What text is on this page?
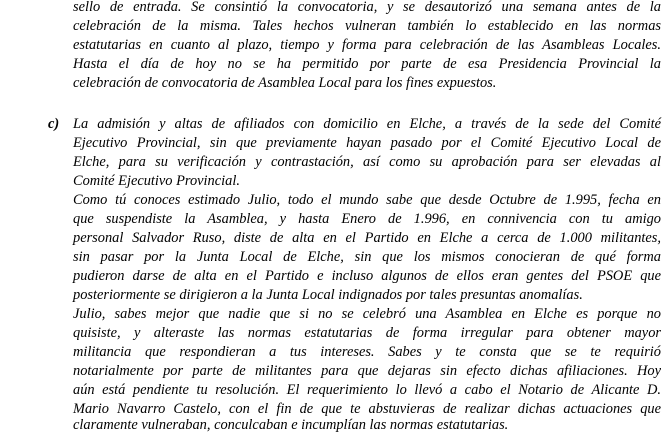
sello de entrada. Se consintió la convocatoria, y se desautorizó una semana antes de la
celebración de la misma. Tales hechos vulneran también lo establecido en las normas
estatutarias en cuanto al plazo, tiempo y forma para celebración de las Asambleas Locales.
Hasta el día de hoy no se ha permitido por parte de esa Presidencia Provincial la
celebración de convocatoria de Asamblea Local para los fines expuestos.
c) La admisión y altas de afiliados con domicilio en Elche, a través de la sede del Comité
Ejecutivo Provincial, sin que previamente hayan pasado por el Comité Ejecutivo Local de
Elche, para su verificación y contrastación, así como su aprobación para ser elevadas al
Comité Ejecutivo Provincial.
Como tú conoces estimado Julio, todo el mundo sabe que desde Octubre de 1.995, fecha en
que suspendiste la Asamblea, y hasta Enero de 1.996, en connivencia con tu amigo
personal Salvador Ruso, diste de alta en el Partido en Elche a cerca de 1.000 militantes,
sin pasar por la Junta Local de Elche, sin que los mismos conocieran de qué forma
pudieron darse de alta en el Partido e incluso algunos de ellos eran gentes del PSOE que
posteriormente se dirigieron a la Junta Local indignados por tales presuntas anomalías.
Julio, sabes mejor que nadie que si no se celebró una Asamblea en Elche es porque no
quisiste, y alteraste las normas estatutarias de forma irregular para obtener mayor
militancia que respondieran a tus intereses. Sabes y te consta que se te requirió
notarialmente por parte de militantes para que dejaras sin efecto dichas afiliaciones. Hoy
aún está pendiente tu resolución. El requerimiento lo llevó a cabo el Notario de Alicante D.
Mario Navarro Castelo, con el fin de que te abstuvieras de realizar dichas actuaciones que
claramente vulneraban, conculcaban e incumplían las normas estatutarias.
